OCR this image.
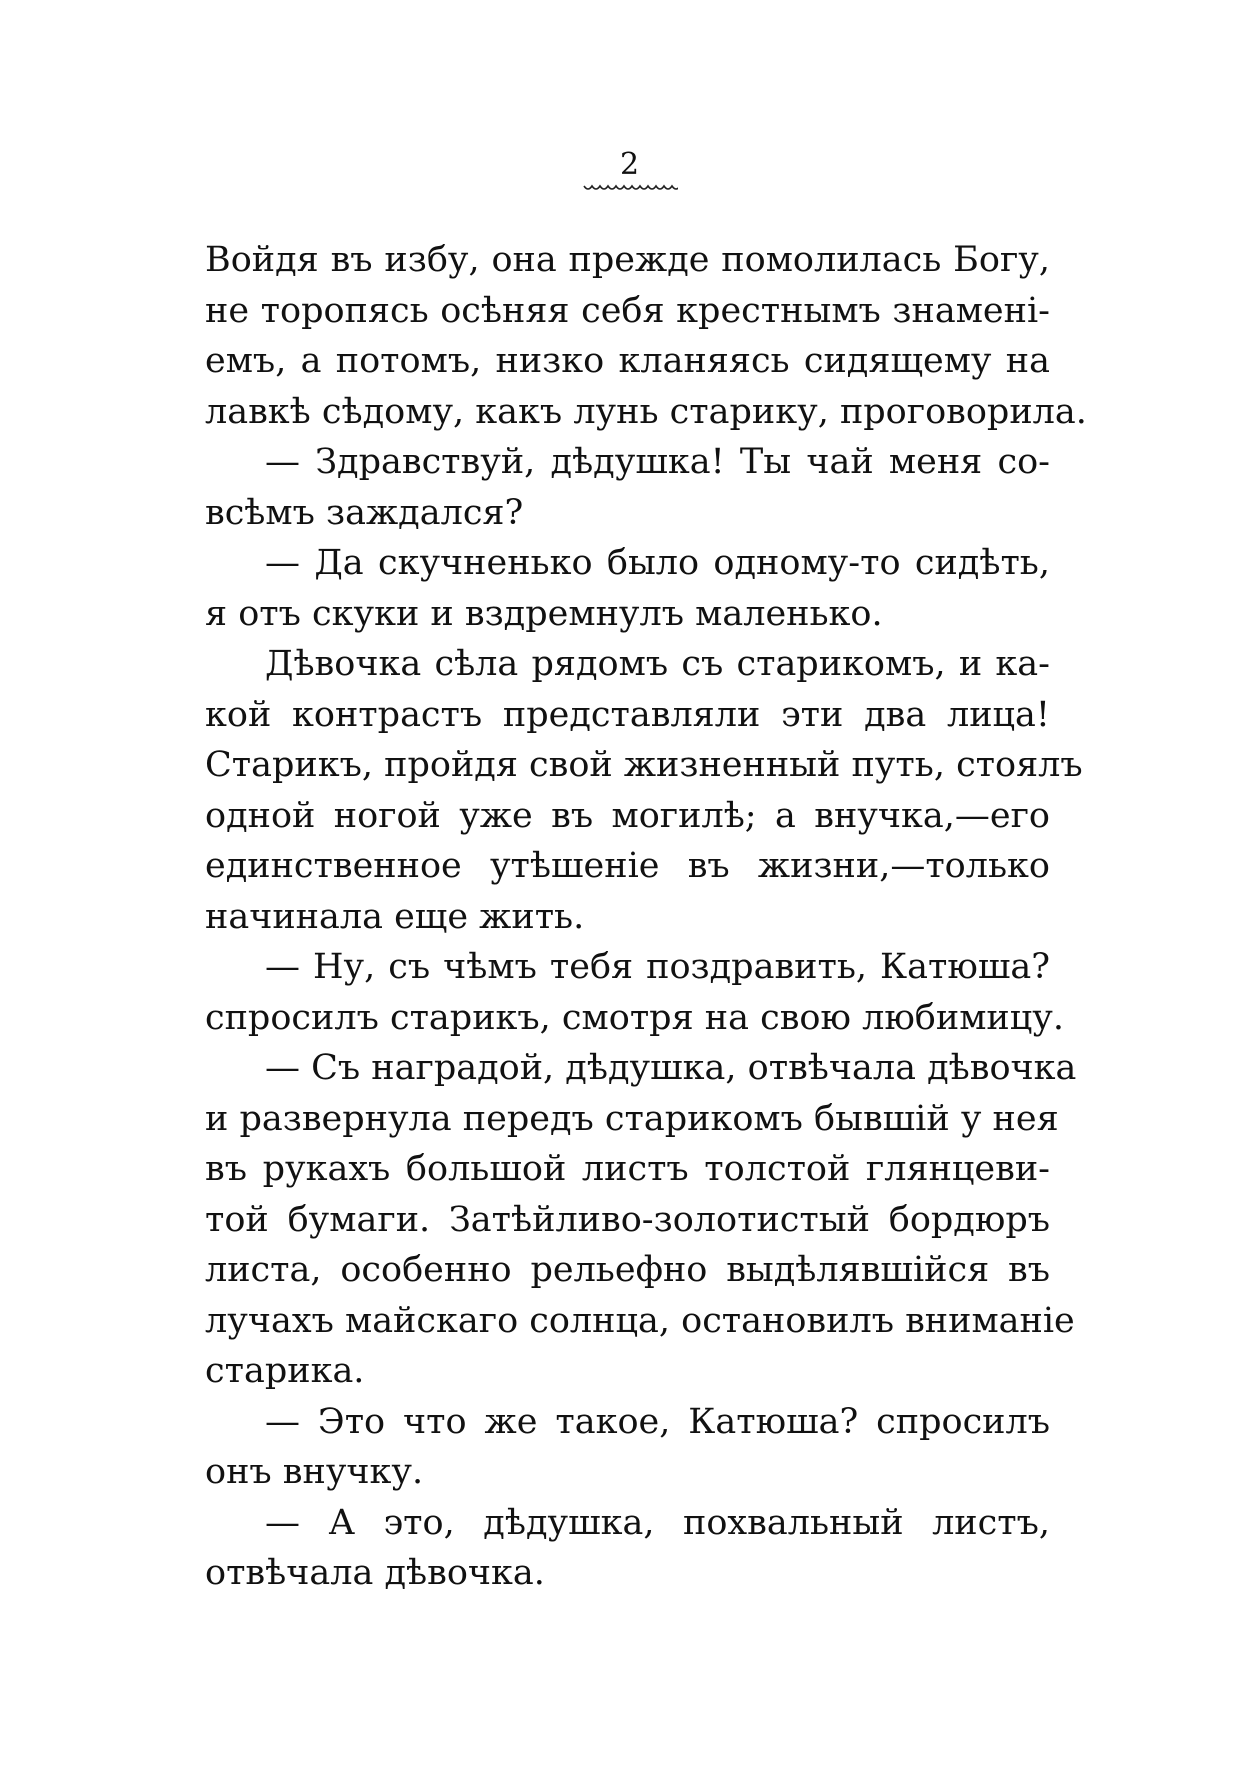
2
Войдя въ избу, она прежде помолилась Богу,
не торопясь осѣняя себя крестнымъ знамені-
емъ, а потомъ, низко кланяясь сидящему на
лавкѣ сѣдому, какъ лунь старику, проговорила.
— Здравствуй, дѣдушка! Ты чай меня со-
всѣмъ заждался?
— Да скучненько было одному-то сидѣть,
я отъ скуки и вздремнулъ маленько.
Дѣвочка сѣла рядомъ съ старикомъ, и ка-
кой контрастъ представляли эти два лица!
Старикъ, пройдя свой жизненный путь, стоялъ
одной ногой уже въ могилѣ; а внучка,—его
единственное утѣшеніе въ жизни,—только
начинала еще жить.
— Ну, съ чѣмъ тебя поздравить, Катюша?
спросилъ старикъ, смотря на свою любимицу.
— Съ наградой, дѣдушка, отвѣчала дѣвочка
и развернула передъ старикомъ бывшій у нея
въ рукахъ большой листъ толстой глянцеви-
той бумаги. Затѣйливо-золотистый бордюръ
листа, особенно рельефно выдѣлявшійся въ
лучахъ майскаго солнца, остановилъ вниманіе
старика.
— Это что же такое, Катюша? спросилъ
онъ внучку.
— А это, дѣдушка, похвальный листъ,
отвѣчала дѣвочка.
